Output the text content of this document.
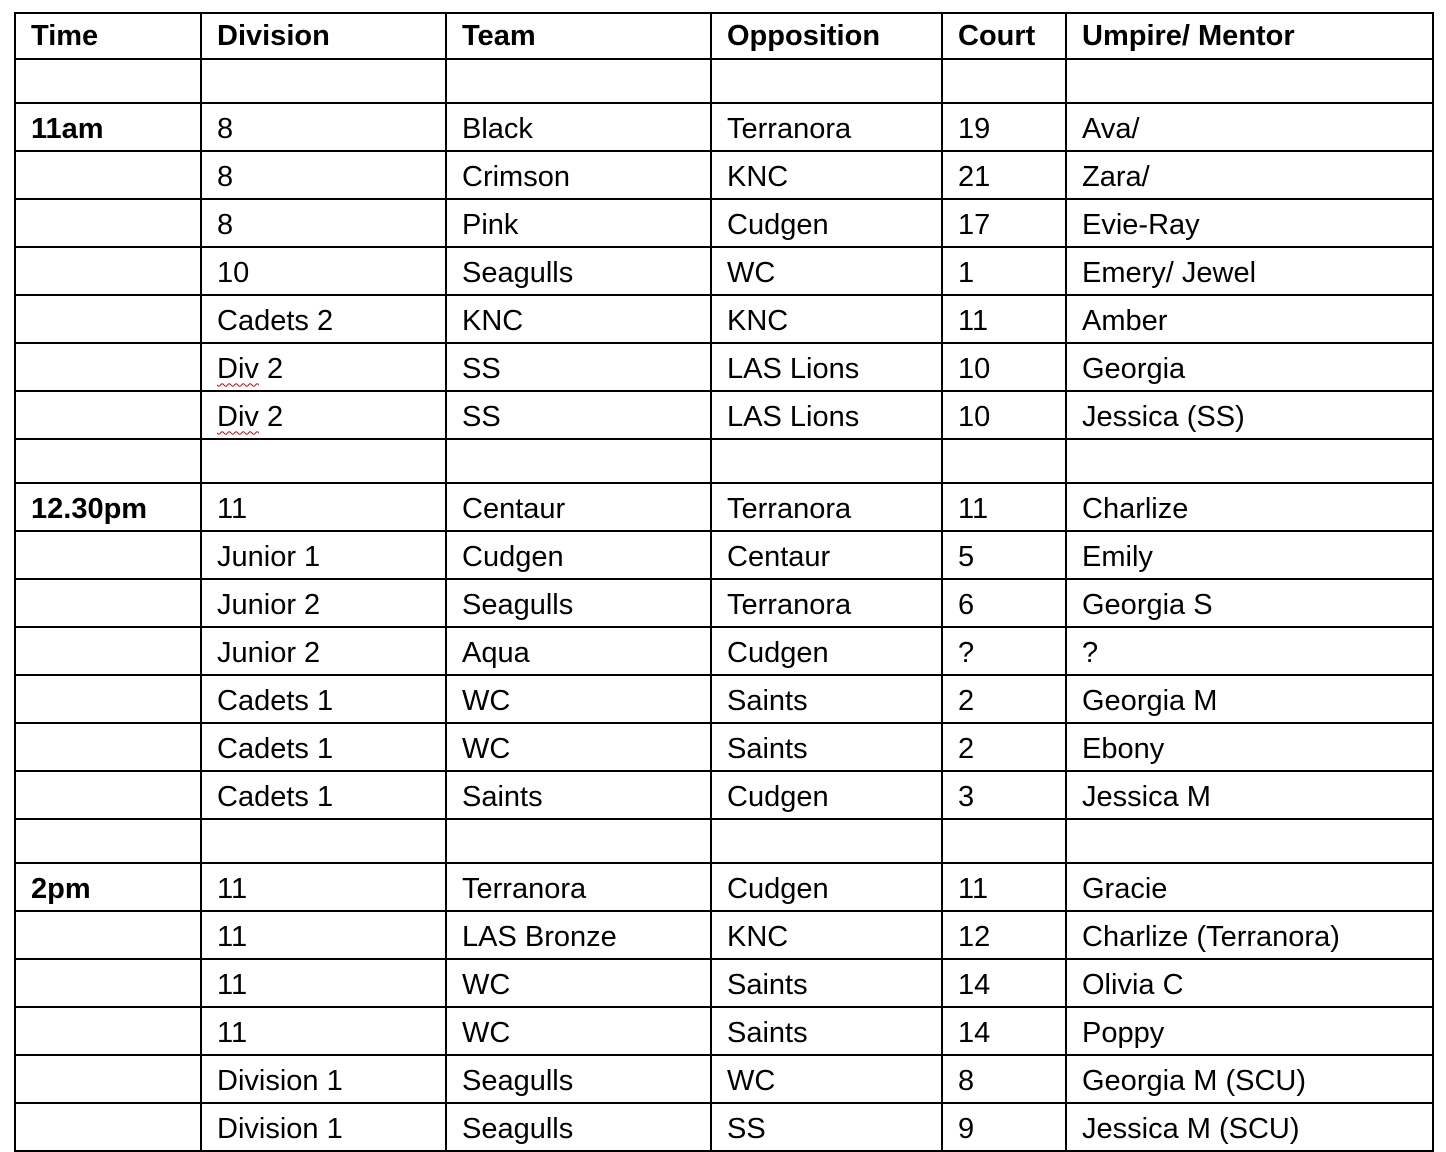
Time	Division	Team	Opposition	Court	Umpire/ Mentor

11am	8	Black	Terranora	19	Ava/
	8	Crimson	KNC	21	Zara/
	8	Pink	Cudgen	17	Evie-Ray
	10	Seagulls	WC	1	Emery/ Jewel
	Cadets 2	KNC	KNC	11	Amber
	Div 2	SS	LAS Lions	10	Georgia
	Div 2	SS	LAS Lions	10	Jessica (SS)

12.30pm	11	Centaur	Terranora	11	Charlize
	Junior 1	Cudgen	Centaur	5	Emily
	Junior 2	Seagulls	Terranora	6	Georgia S
	Junior 2	Aqua	Cudgen	?	?
	Cadets 1	WC	Saints	2	Georgia M
	Cadets 1	WC	Saints	2	Ebony
	Cadets 1	Saints	Cudgen	3	Jessica M

2pm	11	Terranora	Cudgen	11	Gracie
	11	LAS Bronze	KNC	12	Charlize (Terranora)
	11	WC	Saints	14	Olivia C
	11	WC	Saints	14	Poppy
	Division 1	Seagulls	WC	8	Georgia M (SCU)
	Division 1	Seagulls	SS	9	Jessica M (SCU)
